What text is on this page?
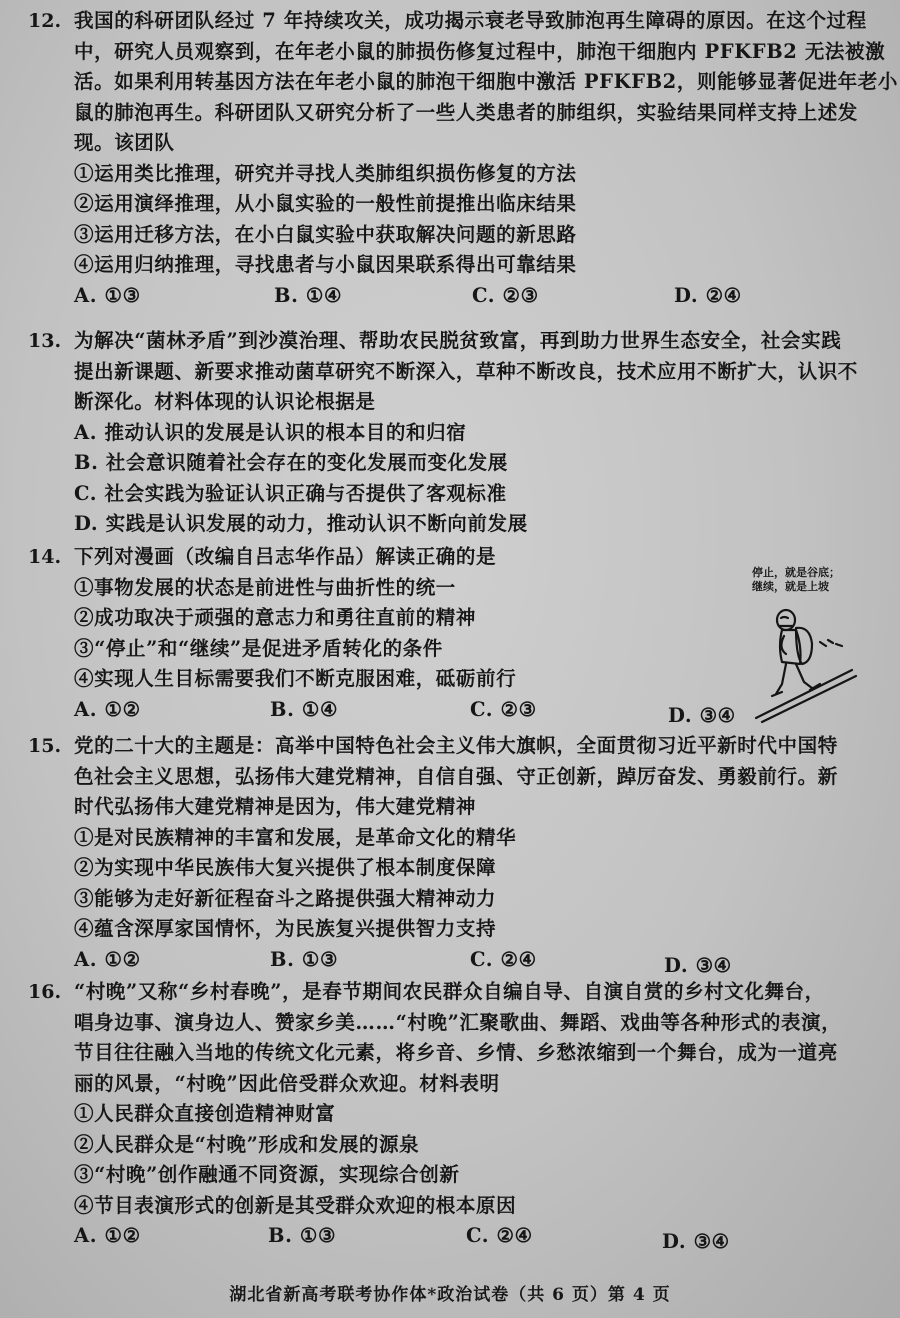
12. 我国的科研团队经过 7 年持续攻关，成功揭示衰老导致肺泡再生障碍的原因。在这个过程
中，研究人员观察到，在年老小鼠的肺损伤修复过程中，肺泡干细胞内 PFKFB2 无法被激
活。如果利用转基因方法在年老小鼠的肺泡干细胞中激活 PFKFB2，则能够显著促进年老小
鼠的肺泡再生。科研团队又研究分析了一些人类患者的肺组织，实验结果同样支持上述发
现。该团队
①运用类比推理，研究并寻找人类肺组织损伤修复的方法
②运用演绎推理，从小鼠实验的一般性前提推出临床结果
③运用迁移方法，在小白鼠实验中获取解决问题的新思路
④运用归纳推理，寻找患者与小鼠因果联系得出可靠结果
A. ①③	B. ①④	C. ②③	D. ②④
13. 为解决“菌林矛盾”到沙漠治理、帮助农民脱贫致富，再到助力世界生态安全，社会实践
提出新课题、新要求推动菌草研究不断深入，草种不断改良，技术应用不断扩大，认识不
断深化。材料体现的认识论根据是
A. 推动认识的发展是认识的根本目的和归宿
B. 社会意识随着社会存在的变化发展而变化发展
C. 社会实践为验证认识正确与否提供了客观标准
D. 实践是认识发展的动力，推动认识不断向前发展
14. 下列对漫画（改编自吕志华作品）解读正确的是
①事物发展的状态是前进性与曲折性的统一
②成功取决于顽强的意志力和勇往直前的精神
③“停止”和“继续”是促进矛盾转化的条件
④实现人生目标需要我们不断克服困难，砥砺前行
A. ①②	B. ①④	C. ②③	D. ③④
停止，就是谷底；
继续，就是上坡
15. 党的二十大的主题是：高举中国特色社会主义伟大旗帜，全面贯彻习近平新时代中国特
色社会主义思想，弘扬伟大建党精神，自信自强、守正创新，踔厉奋发、勇毅前行。新
时代弘扬伟大建党精神是因为，伟大建党精神
①是对民族精神的丰富和发展，是革命文化的精华
②为实现中华民族伟大复兴提供了根本制度保障
③能够为走好新征程奋斗之路提供强大精神动力
④蕴含深厚家国情怀，为民族复兴提供智力支持
A. ①②	B. ①③	C. ②④	D. ③④
16. “村晚”又称“乡村春晚”，是春节期间农民群众自编自导、自演自赏的乡村文化舞台，
唱身边事、演身边人、赞家乡美……“村晚”汇聚歌曲、舞蹈、戏曲等各种形式的表演，
节目往往融入当地的传统文化元素，将乡音、乡情、乡愁浓缩到一个舞台，成为一道亮
丽的风景，“村晚”因此倍受群众欢迎。材料表明
①人民群众直接创造精神财富
②人民群众是“村晚”形成和发展的源泉
③“村晚”创作融通不同资源，实现综合创新
④节目表演形式的创新是其受群众欢迎的根本原因
A. ①②	B. ①③	C. ②④	D. ③④
湖北省新高考联考协作体*政治试卷（共 6 页）第 4 页
